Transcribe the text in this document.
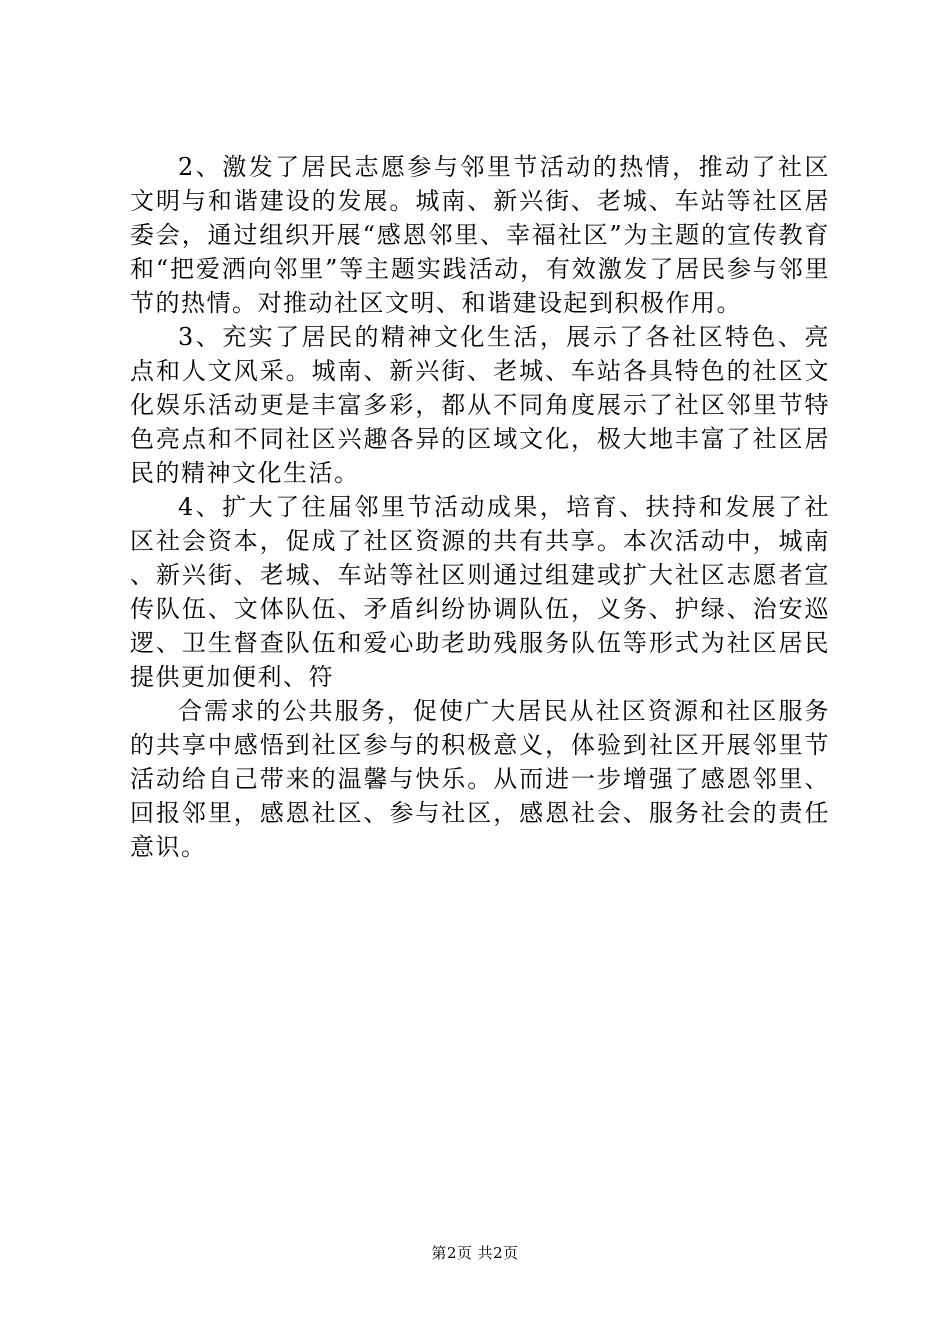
2、激发了居民志愿参与邻里节活动的热情，推动了社区文明与和谐建设的发展。城南、新兴街、老城、车站等社区居委会，通过组织开展“感恩邻里、幸福社区”为主题的宣传教育和“把爱洒向邻里”等主题实践活动，有效激发了居民参与邻里节的热情。对推动社区文明、和谐建设起到积极作用。

3、充实了居民的精神文化生活，展示了各社区特色、亮点和人文风采。城南、新兴街、老城、车站各具特色的社区文化娱乐活动更是丰富多彩，都从不同角度展示了社区邻里节特色亮点和不同社区兴趣各异的区域文化，极大地丰富了社区居民的精神文化生活。

4、扩大了往届邻里节活动成果，培育、扶持和发展了社区社会资本，促成了社区资源的共有共享。本次活动中，城南、新兴街、老城、车站等社区则通过组建或扩大社区志愿者宣传队伍、文体队伍、矛盾纠纷协调队伍，义务、护绿、治安巡逻、卫生督查队伍和爱心助老助残服务队伍等形式为社区居民提供更加便利、符

合需求的公共服务，促使广大居民从社区资源和社区服务的共享中感悟到社区参与的积极意义，体验到社区开展邻里节活动给自己带来的温馨与快乐。从而进一步增强了感恩邻里、回报邻里，感恩社区、参与社区，感恩社会、服务社会的责任意识。

第2页 共2页
